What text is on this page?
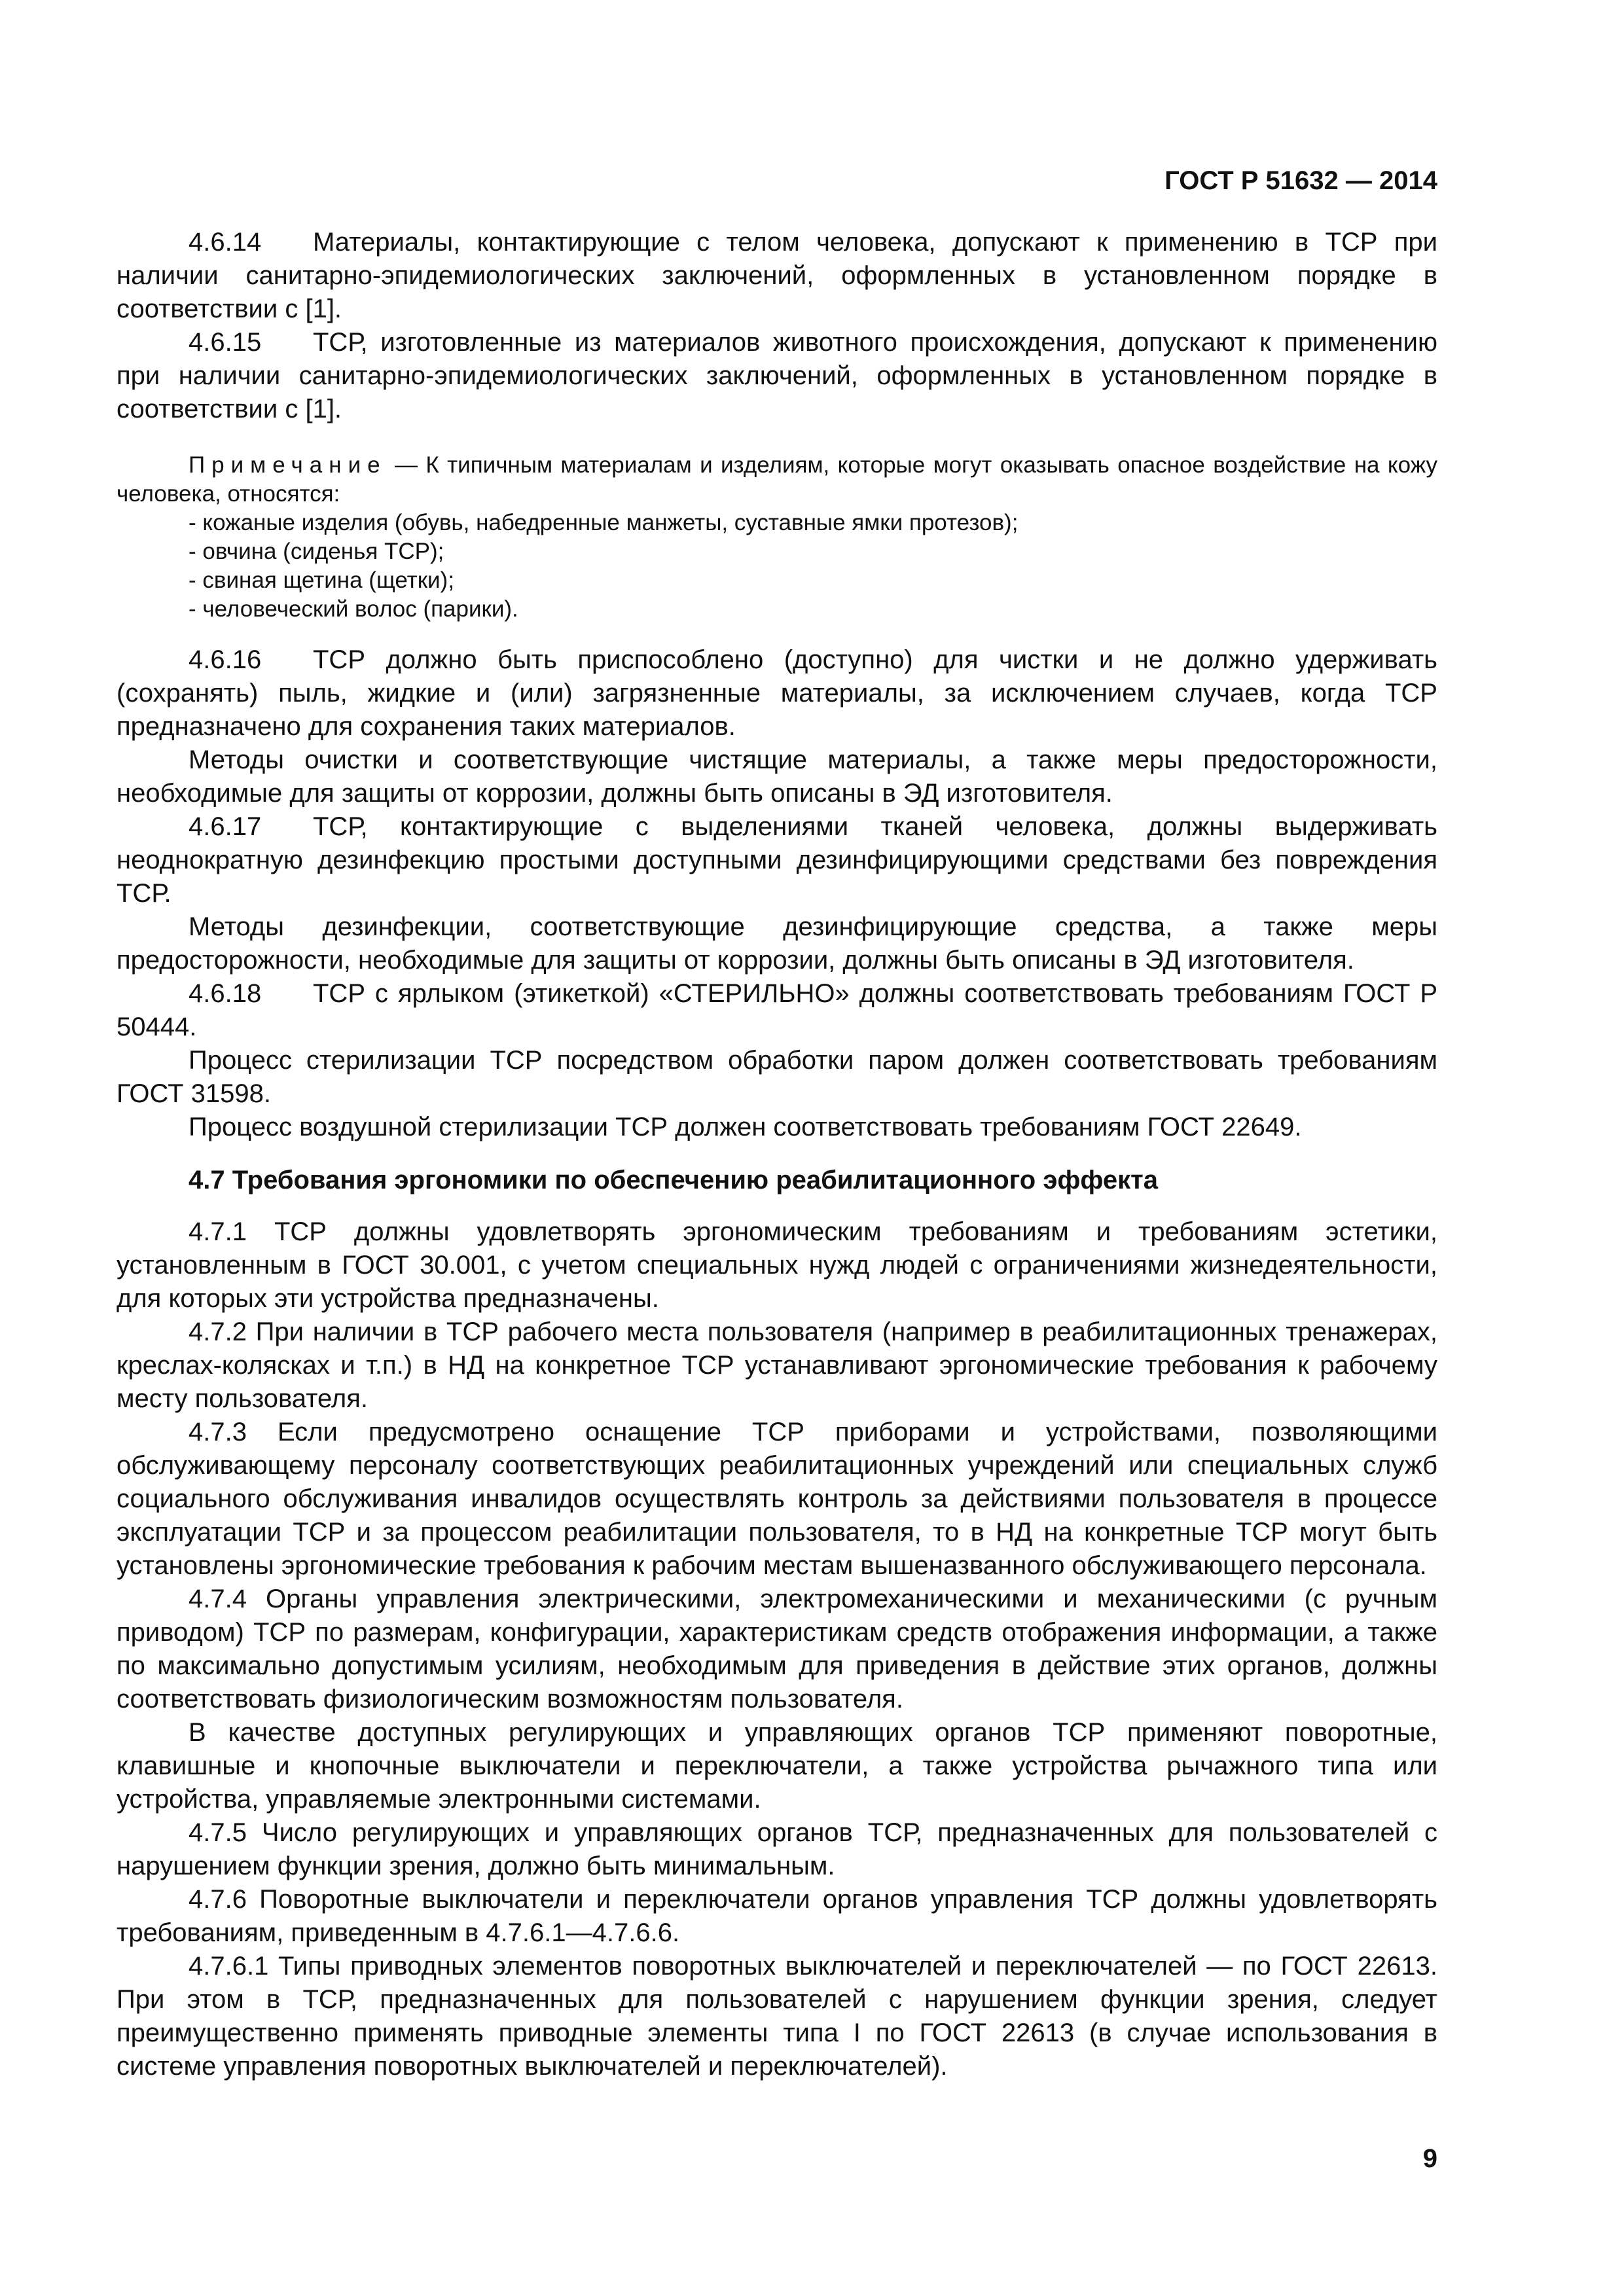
ГОСТ Р 51632 — 2014

4.6.14 Материалы, контактирующие с телом человека, допускают к применению в ТСР при наличии санитарно-эпидемиологических заключений, оформленных в установленном порядке в соответствии с [1].

4.6.15 ТСР, изготовленные из материалов животного происхождения, допускают к применению при наличии санитарно-эпидемиологических заключений, оформленных в установленном порядке в соответствии с [1].

Примечание — К типичным материалам и изделиям, которые могут оказывать опасное воздействие на кожу человека, относятся:

- кожаные изделия (обувь, набедренные манжеты, суставные ямки протезов);
- овчина (сиденья ТСР);
- свиная щетина (щетки);
- человеческий волос (парики).

4.6.16 ТСР должно быть приспособлено (доступно) для чистки и не должно удерживать (сохранять) пыль, жидкие и (или) загрязненные материалы, за исключением случаев, когда ТСР предназначено для сохранения таких материалов.

Методы очистки и соответствующие чистящие материалы, а также меры предосторожности, необходимые для защиты от коррозии, должны быть описаны в ЭД изготовителя.

4.6.17 ТСР, контактирующие с выделениями тканей человека, должны выдерживать неоднократную дезинфекцию простыми доступными дезинфицирующими средствами без повреждения ТСР.

Методы дезинфекции, соответствующие дезинфицирующие средства, а также меры предосторожности, необходимые для защиты от коррозии, должны быть описаны в ЭД изготовителя.

4.6.18 ТСР с ярлыком (этикеткой) «СТЕРИЛЬНО» должны соответствовать требованиям ГОСТ Р 50444.

Процесс стерилизации ТСР посредством обработки паром должен соответствовать требованиям ГОСТ 31598.

Процесс воздушной стерилизации ТСР должен соответствовать требованиям ГОСТ 22649.

4.7 Требования эргономики по обеспечению реабилитационного эффекта

4.7.1 ТСР должны удовлетворять эргономическим требованиям и требованиям эстетики, установленным в ГОСТ 30.001, с учетом специальных нужд людей с ограничениями жизнедеятельности, для которых эти устройства предназначены.

4.7.2 При наличии в ТСР рабочего места пользователя (например в реабилитационных тренажерах, креслах-колясках и т.п.) в НД на конкретное ТСР устанавливают эргономические требования к рабочему месту пользователя.

4.7.3 Если предусмотрено оснащение ТСР приборами и устройствами, позволяющими обслуживающему персоналу соответствующих реабилитационных учреждений или специальных служб социального обслуживания инвалидов осуществлять контроль за действиями пользователя в процессе эксплуатации ТСР и за процессом реабилитации пользователя, то в НД на конкретные ТСР могут быть установлены эргономические требования к рабочим местам вышеназванного обслуживающего персонала.

4.7.4 Органы управления электрическими, электромеханическими и механическими (с ручным приводом) ТСР по размерам, конфигурации, характеристикам средств отображения информации, а также по максимально допустимым усилиям, необходимым для приведения в действие этих органов, должны соответствовать физиологическим возможностям пользователя.

В качестве доступных регулирующих и управляющих органов ТСР применяют поворотные, клавишные и кнопочные выключатели и переключатели, а также устройства рычажного типа или устройства, управляемые электронными системами.

4.7.5 Число регулирующих и управляющих органов ТСР, предназначенных для пользователей с нарушением функции зрения, должно быть минимальным.

4.7.6 Поворотные выключатели и переключатели органов управления ТСР должны удовлетворять требованиям, приведенным в 4.7.6.1—4.7.6.6.

4.7.6.1 Типы приводных элементов поворотных выключателей и переключателей — по ГОСТ 22613. При этом в ТСР, предназначенных для пользователей с нарушением функции зрения, следует преимущественно применять приводные элементы типа I по ГОСТ 22613 (в случае использования в системе управления поворотных выключателей и переключателей).

9
